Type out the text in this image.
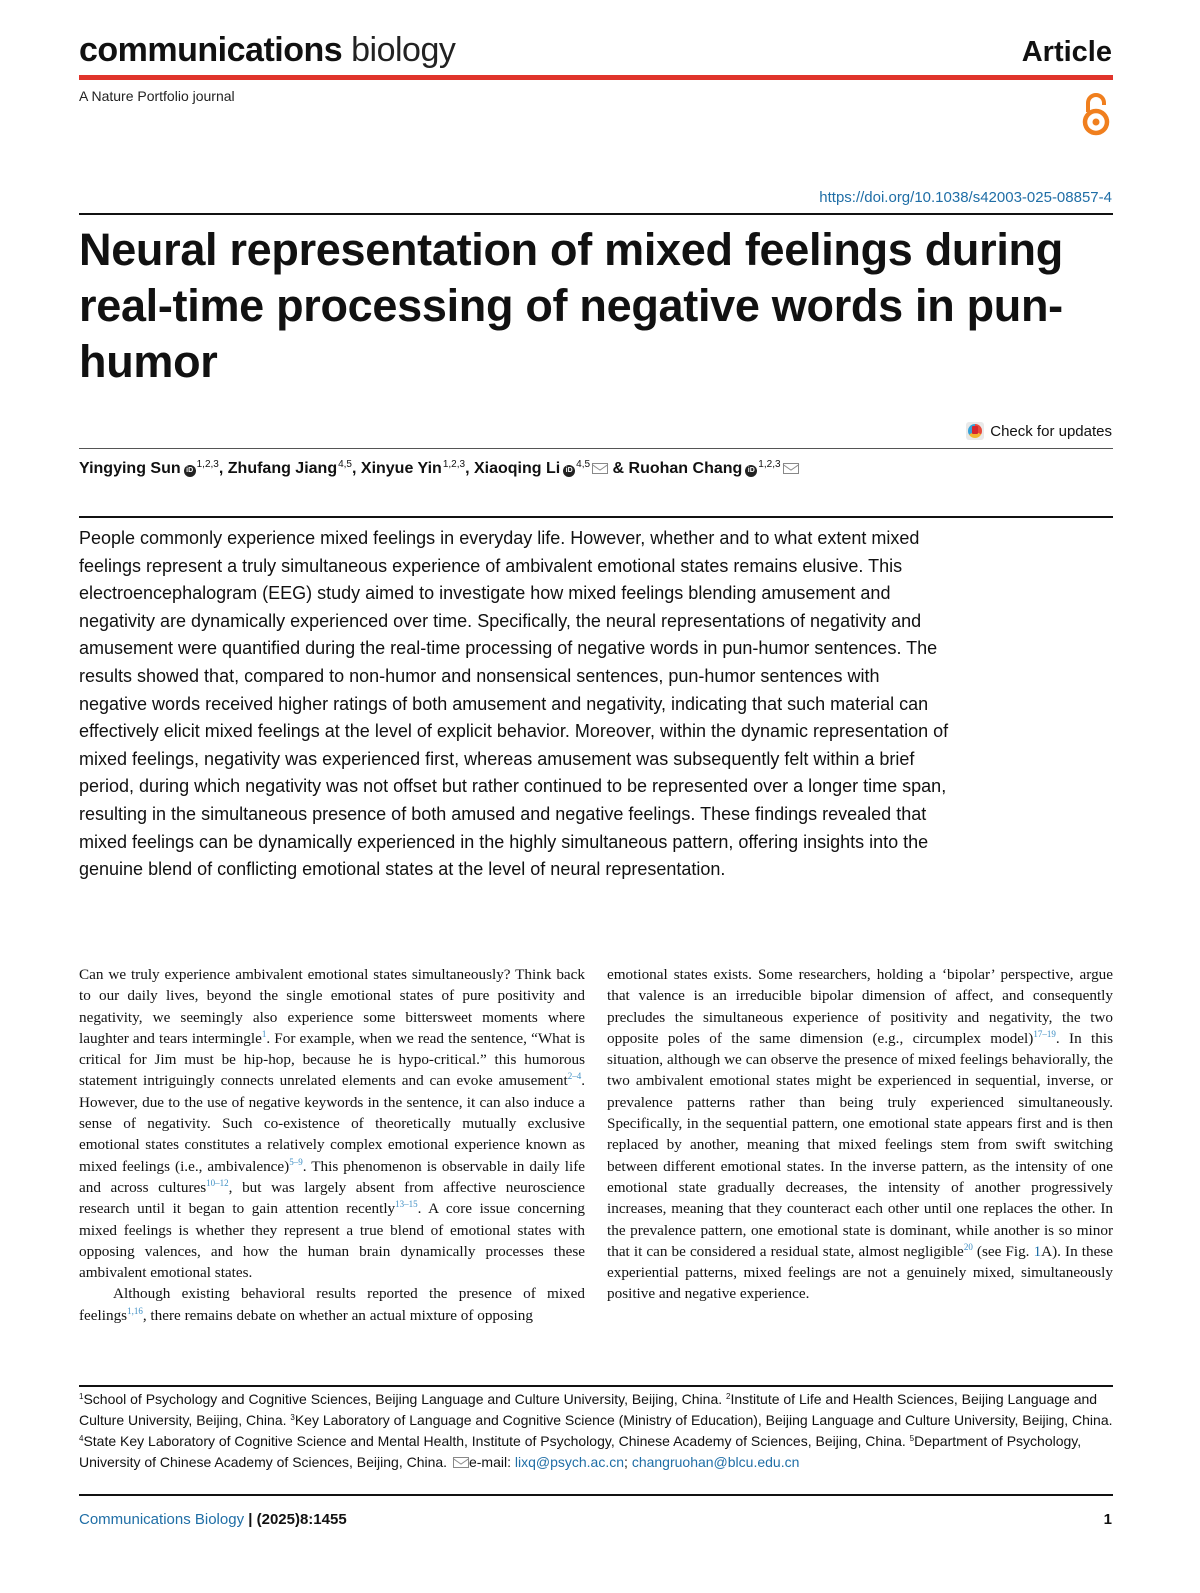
communications biology	Article
A Nature Portfolio journal
https://doi.org/10.1038/s42003-025-08857-4
Neural representation of mixed feelings during real-time processing of negative words in pun-humor
Check for updates
Yingying Sun iD$^{1,2,3}$, Zhufang Jiang$^{4,5}$, Xinyue Yin$^{1,2,3}$, Xiaoqing Li iD$^{4,5}$ & Ruohan Chang iD$^{1,2,3}$

People commonly experience mixed feelings in everyday life. However, whether and to what extent mixed feelings represent a truly simultaneous experience of ambivalent emotional states remains elusive. This electroencephalogram (EEG) study aimed to investigate how mixed feelings blending amusement and negativity are dynamically experienced over time. Specifically, the neural representations of negativity and amusement were quantified during the real-time processing of negative words in pun-humor sentences. The results showed that, compared to non-humor and nonsensical sentences, pun-humor sentences with negative words received higher ratings of both amusement and negativity, indicating that such material can effectively elicit mixed feelings at the level of explicit behavior. Moreover, within the dynamic representation of mixed feelings, negativity was experienced first, whereas amusement was subsequently felt within a brief period, during which negativity was not offset but rather continued to be represented over a longer time span, resulting in the simultaneous presence of both amused and negative feelings. These findings revealed that mixed feelings can be dynamically experienced in the highly simultaneous pattern, offering insights into the genuine blend of conflicting emotional states at the level of neural representation.

Can we truly experience ambivalent emotional states simultaneously? Think back to our daily lives, beyond the single emotional states of pure positivity and negativity, we seemingly also experience some bittersweet moments where laughter and tears intermingle$^1$. For example, when we read the sentence, “What is critical for Jim must be hip-hop, because he is hypo-critical.” this humorous statement intriguingly connects unrelated elements and can evoke amusement$^{2-4}$. However, due to the use of negative keywords in the sentence, it can also induce a sense of negativity. Such co-existence of theoretically mutually exclusive emotional states constitutes a relatively complex emotional experience known as mixed feelings (i.e., ambivalence)$^{5-9}$. This phenomenon is observable in daily life and across cultures$^{10-12}$, but was largely absent from affective neuroscience research until it began to gain attention recently$^{13-15}$. A core issue concerning mixed feelings is whether they represent a true blend of emotional states with opposing valences, and how the human brain dynamically processes these ambivalent emotional states.

Although existing behavioral results reported the presence of mixed feelings$^{1,16}$, there remains debate on whether an actual mixture of opposing

emotional states exists. Some researchers, holding a ‘bipolar’ perspective, argue that valence is an irreducible bipolar dimension of affect, and consequently precludes the simultaneous experience of positivity and negativity, the two opposite poles of the same dimension (e.g., circumplex model)$^{17-19}$. In this situation, although we can observe the presence of mixed feelings behaviorally, the two ambivalent emotional states might be experienced in sequential, inverse, or prevalence patterns rather than being truly experienced simultaneously. Specifically, in the sequential pattern, one emotional state appears first and is then replaced by another, meaning that mixed feelings stem from swift switching between different emotional states. In the inverse pattern, as the intensity of one emotional state gradually decreases, the intensity of another progressively increases, meaning that they counteract each other until one replaces the other. In the prevalence pattern, one emotional state is dominant, while another is so minor that it can be considered a residual state, almost negligible$^{20}$ (see Fig. 1A). In these experiential patterns, mixed feelings are not a genuinely mixed, simultaneously positive and negative experience.

$^1$School of Psychology and Cognitive Sciences, Beijing Language and Culture University, Beijing, China. $^2$Institute of Life and Health Sciences, Beijing Language and Culture University, Beijing, China. $^3$Key Laboratory of Language and Cognitive Science (Ministry of Education), Beijing Language and Culture University, Beijing, China. $^4$State Key Laboratory of Cognitive Science and Mental Health, Institute of Psychology, Chinese Academy of Sciences, Beijing, China. $^5$Department of Psychology, University of Chinese Academy of Sciences, Beijing, China. e-mail: lixq@psych.ac.cn; changruohan@blcu.edu.cn

Communications Biology | (2025)8:1455	1
